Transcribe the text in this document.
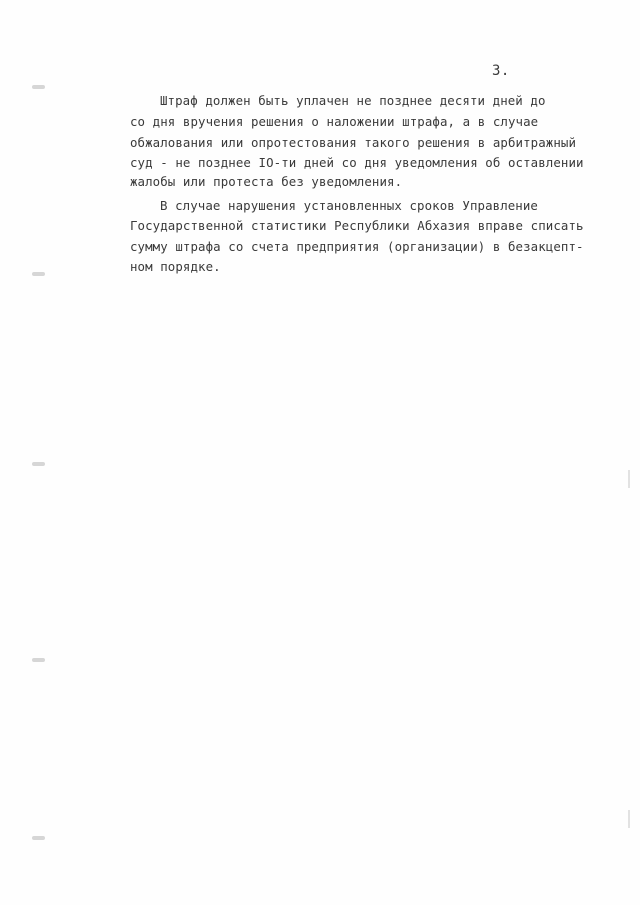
3.
Штраф должен быть уплачен не позднее десяти дней до
со дня вручения решения о наложении штрафа, а в случае
обжалования или опротестования такого решения в арбитражный
суд - не позднее IO-ти дней со дня уведомления об оставлении
жалобы или протеста без уведомления.
В случае нарушения установленных сроков Управление
Государственной статистики Республики Абхазия вправе списать
сумму штрафа со счета предприятия (организации) в безакцепт-
ном порядке.
